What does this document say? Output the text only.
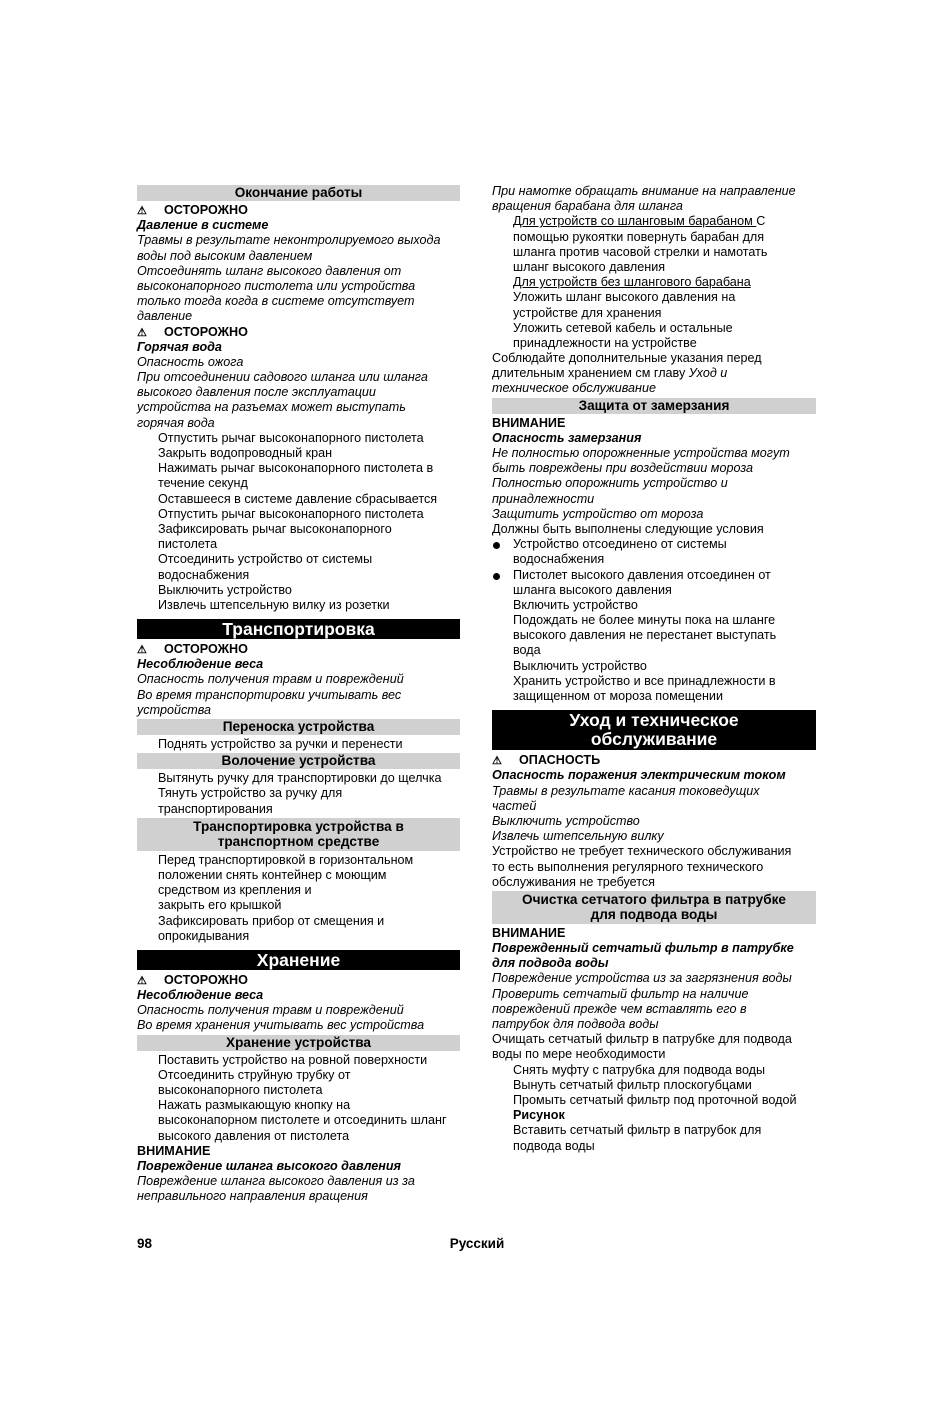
Окончание работы
⚠ ОСТОРОЖНО
Давление в системе
Травмы в результате неконтролируемого выхода
воды под высоким давлением
Отсоединять шланг высокого давления от
высоконапорного пистолета или устройства
только тогда когда в системе отсутствует
давление
⚠ ОСТОРОЖНО
Горячая вода
Опасность ожога
При отсоединении садового шланга или шланга
высокого давления после эксплуатации
устройства на разъемах может выступать
горячая вода
Отпустить рычаг высоконапорного пистолета
Закрыть водопроводный кран
Нажимать рычаг высоконапорного пистолета в
течение секунд
Оставшееся в системе давление сбрасывается
Отпустить рычаг высоконапорного пистолета
Зафиксировать рычаг высоконапорного
пистолета
Отсоединить устройство от системы
водоснабжения
Выключить устройство
Извлечь штепсельную вилку из розетки
Транспортировка
⚠ ОСТОРОЖНО
Несоблюдение веса
Опасность получения травм и повреждений
Во время транспортировки учитывать вес
устройства
Переноска устройства
Поднять устройство за ручки и перенести
Волочение устройства
Вытянуть ручку для транспортировки до щелчка
Тянуть устройство за ручку для
транспортирования
Транспортировка устройства в
транспортном средстве
Перед транспортировкой в горизонтальном
положении снять контейнер с моющим
средством из крепления и
закрыть его крышкой
Зафиксировать прибор от смещения и
опрокидывания
Хранение
⚠ ОСТОРОЖНО
Несоблюдение веса
Опасность получения травм и повреждений
Во время хранения учитывать вес устройства
Хранение устройства
Поставить устройство на ровной поверхности
Отсоединить струйную трубку от
высоконапорного пистолета
Нажать размыкающую кнопку на
высоконапорном пистолете и отсоединить шланг
высокого давления от пистолета
ВНИМАНИЕ
Повреждение шланга высокого давления
Повреждение шланга высокого давления из за
неправильного направления вращения
При намотке обращать внимание на направление
вращения барабана для шланга
Для устройств со шланговым барабаном С
помощью рукоятки повернуть барабан для
шланга против часовой стрелки и намотать
шланг высокого давления
Для устройств без шлангового барабана
Уложить шланг высокого давления на
устройстве для хранения
Уложить сетевой кабель и остальные
принадлежности на устройстве
Соблюдайте дополнительные указания перед
длительным хранением см главу Уход и
техническое обслуживание
Защита от замерзания
ВНИМАНИЕ
Опасность замерзания
Не полностью опорожненные устройства могут
быть повреждены при воздействии мороза
Полностью опорожнить устройство и
принадлежности
Защитить устройство от мороза
Должны быть выполнены следующие условия
Устройство отсоединено от системы
водоснабжения
Пистолет высокого давления отсоединен от
шланга высокого давления
Включить устройство
Подождать не более минуты пока на шланге
высокого давления не перестанет выступать
вода
Выключить устройство
Хранить устройство и все принадлежности в
защищенном от мороза помещении
Уход и техническое
обслуживание
⚠ ОПАСНОСТЬ
Опасность поражения электрическим током
Травмы в результате касания токоведущих
частей
Выключить устройство
Извлечь штепсельную вилку
Устройство не требует технического обслуживания
то есть выполнения регулярного технического
обслуживания не требуется
Очистка сетчатого фильтра в патрубке
для подвода воды
ВНИМАНИЕ
Поврежденный сетчатый фильтр в патрубке
для подвода воды
Повреждение устройства из за загрязнения воды
Проверить сетчатый фильтр на наличие
повреждений прежде чем вставлять его в
патрубок для подвода воды
Очищать сетчатый фильтр в патрубке для подвода
воды по мере необходимости
Снять муфту с патрубка для подвода воды
Вынуть сетчатый фильтр плоскогубцами
Промыть сетчатый фильтр под проточной водой
Рисунок
Вставить сетчатый фильтр в патрубок для
подвода воды
98	Русский
